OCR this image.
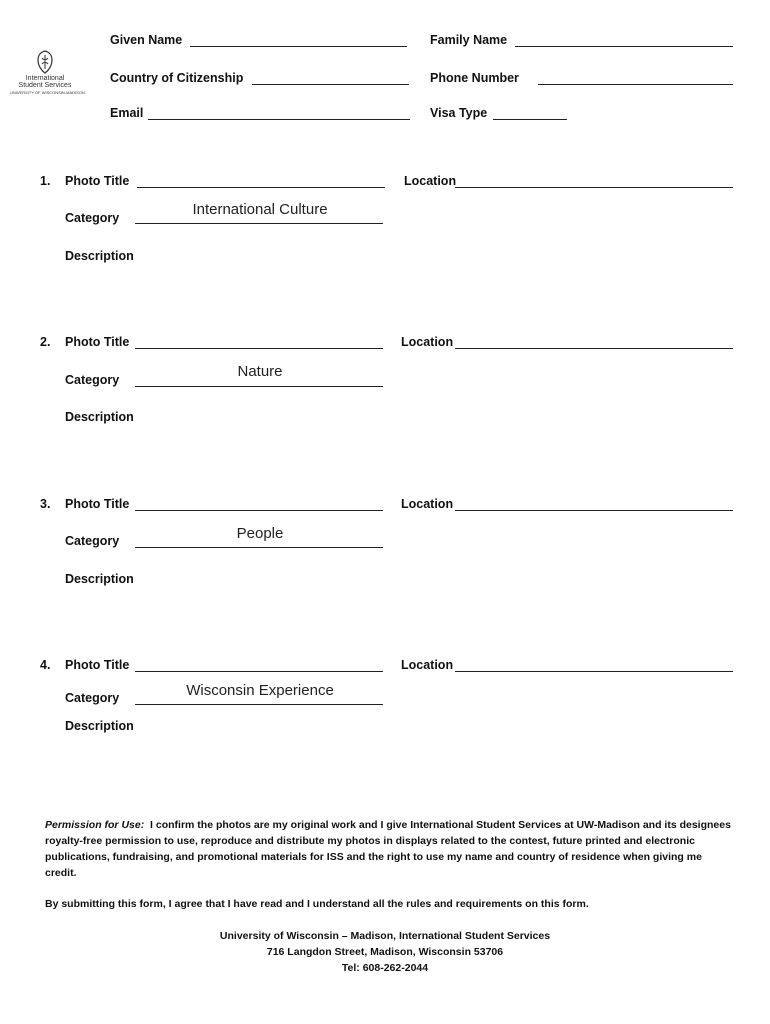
International
Student Services
UNIVERSITY OF WISCONSIN-MADISON
Given Name	Family Name
Country of Citizenship	Phone Number
Email	Visa Type
1. Photo Title	Location
Category	International Culture
Description
2. Photo Title	Location
Category	Nature
Description
3. Photo Title	Location
Category	People
Description
4. Photo Title	Location
Category	Wisconsin Experience
Description
Permission for Use: I confirm the photos are my original work and I give International Student Services at UW-Madison and its designees royalty-free permission to use, reproduce and distribute my photos in displays related to the contest, future printed and electronic publications, fundraising, and promotional materials for ISS and the right to use my name and country of residence when giving me credit.
By submitting this form, I agree that I have read and I understand all the rules and requirements on this form.
University of Wisconsin – Madison, International Student Services
716 Langdon Street, Madison, Wisconsin 53706
Tel: 608-262-2044
